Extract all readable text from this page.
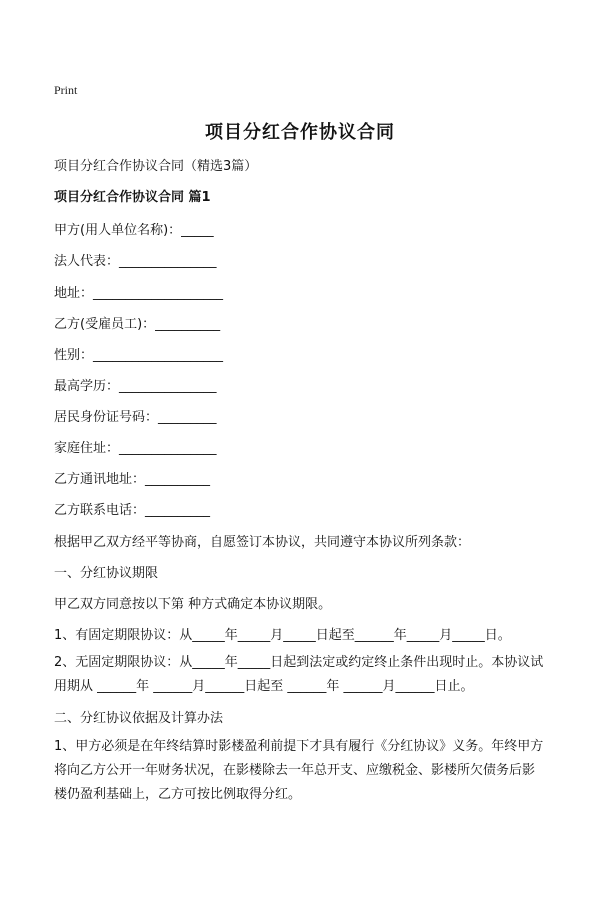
Print
项目分红合作协议合同
项目分红合作协议合同（精选3篇）
项目分红合作协议合同 篇1
甲方(用人单位名称)：_____
法人代表：_______________
地址：____________________
乙方(受雇员工)：__________
性别：____________________
最高学历：_______________
居民身份证号码：_________
家庭住址：_______________
乙方通讯地址：__________
乙方联系电话：__________
根据甲乙双方经平等协商，自愿签订本协议，共同遵守本协议所列条款：
一、分红协议期限
甲乙双方同意按以下第 种方式确定本协议期限。
1、有固定期限协议：从_____年_____月_____日起至______年_____月_____日。
2、无固定期限协议：从_____年_____日起到法定或约定终止条件出现时止。本协议试用期从 ______年 ______月______日起至 ______年 ______月______日止。
二、分红协议依据及计算办法
1、甲方必须是在年终结算时影楼盈利前提下才具有履行《分红协议》义务。年终甲方将向乙方公开一年财务状况，在影楼除去一年总开支、应缴税金、影楼所欠债务后影楼仍盈利基础上，乙方可按比例取得分红。
